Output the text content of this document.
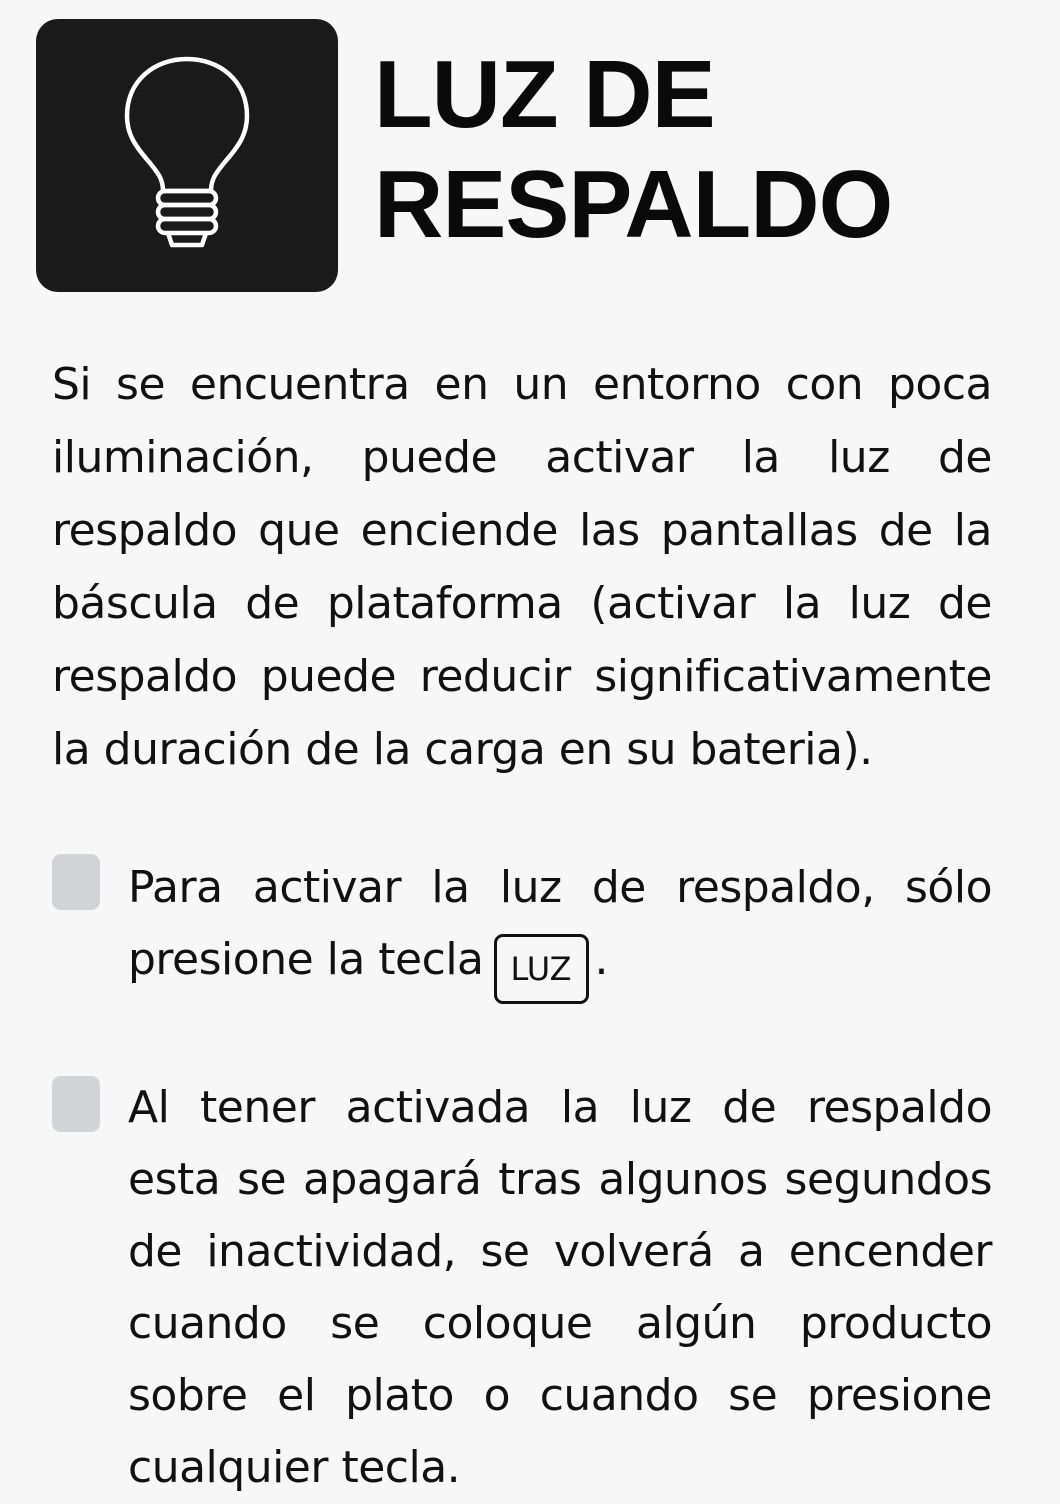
LUZ DE
RESPALDO

Si se encuentra en un entorno con poca iluminación, puede activar la luz de respaldo que enciende las pantallas de la báscula de plataforma (activar la luz de respaldo puede reducir significativamente la duración de la carga en su bateria).

Para activar la luz de respaldo, sólo presione la tecla LUZ .

Al tener activada la luz de respaldo esta se apagará tras algunos segundos de inactividad, se volverá a encender cuando se coloque algún producto sobre el plato o cuando se presione cualquier tecla.
